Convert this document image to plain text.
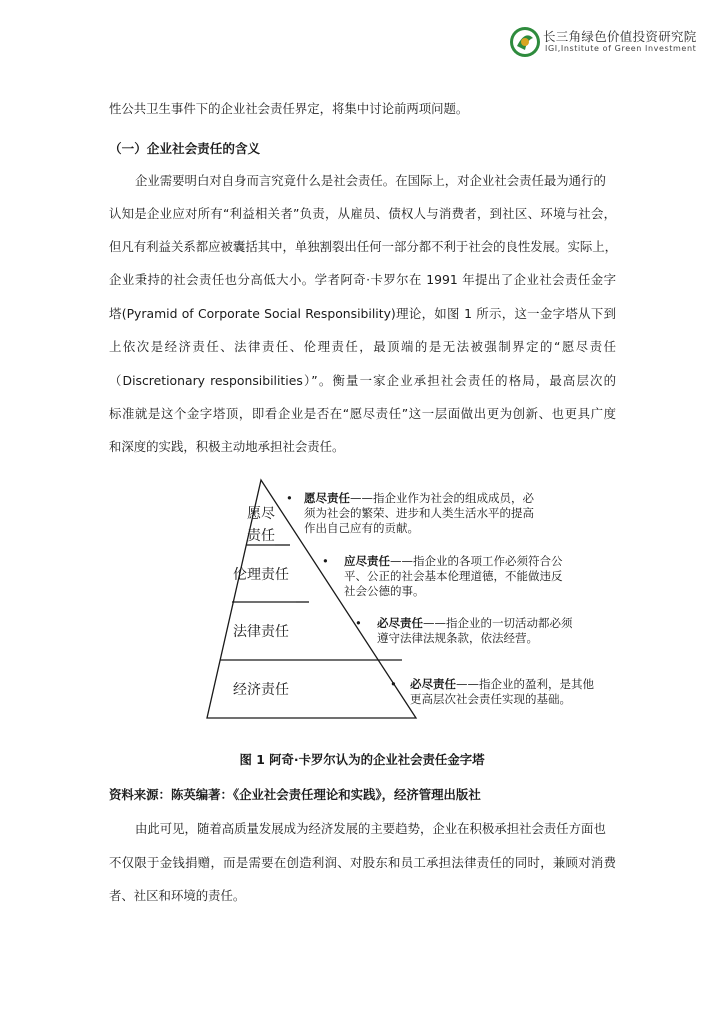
长三角绿色价值投资研究院
IGI,Institute of Green Investment
性公共卫生事件下的企业社会责任界定，将集中讨论前两项问题。
（一）企业社会责任的含义
企业需要明白对自身而言究竟什么是社会责任。在国际上，对企业社会责任最为通行的
认知是企业应对所有“利益相关者”负责，从雇员、债权人与消费者，到社区、环境与社会，
但凡有利益关系都应被囊括其中，单独割裂出任何一部分都不利于社会的良性发展。实际上，
企业秉持的社会责任也分高低大小。学者阿奇·卡罗尔在 1991 年提出了企业社会责任金字
塔(Pyramid of Corporate Social Responsibility)理论，如图 1 所示，这一金字塔从下到
上依次是经济责任、法律责任、伦理责任，最顶端的是无法被强制界定的“愿尽责任
（Discretionary responsibilities）”。衡量一家企业承担社会责任的格局，最高层次的
标准就是这个金字塔顶，即看企业是否在“愿尽责任”这一层面做出更为创新、也更具广度
和深度的实践，积极主动地承担社会责任。
愿尽
责任
伦理责任
法律责任
经济责任
• 愿尽责任——指企业作为社会的组成成员，必
须为社会的繁荣、进步和人类生活水平的提高
作出自己应有的贡献。
• 应尽责任——指企业的各项工作必须符合公
平、公正的社会基本伦理道德，不能做违反
社会公德的事。
• 必尽责任——指企业的一切活动都必须
遵守法律法规条款，依法经营。
• 必尽责任——指企业的盈利，是其他
更高层次社会责任实现的基础。
图 1 阿奇·卡罗尔认为的企业社会责任金字塔
资料来源：陈英编著：《企业社会责任理论和实践》，经济管理出版社
由此可见，随着高质量发展成为经济发展的主要趋势，企业在积极承担社会责任方面也
不仅限于金钱捐赠，而是需要在创造利润、对股东和员工承担法律责任的同时，兼顾对消费
者、社区和环境的责任。
